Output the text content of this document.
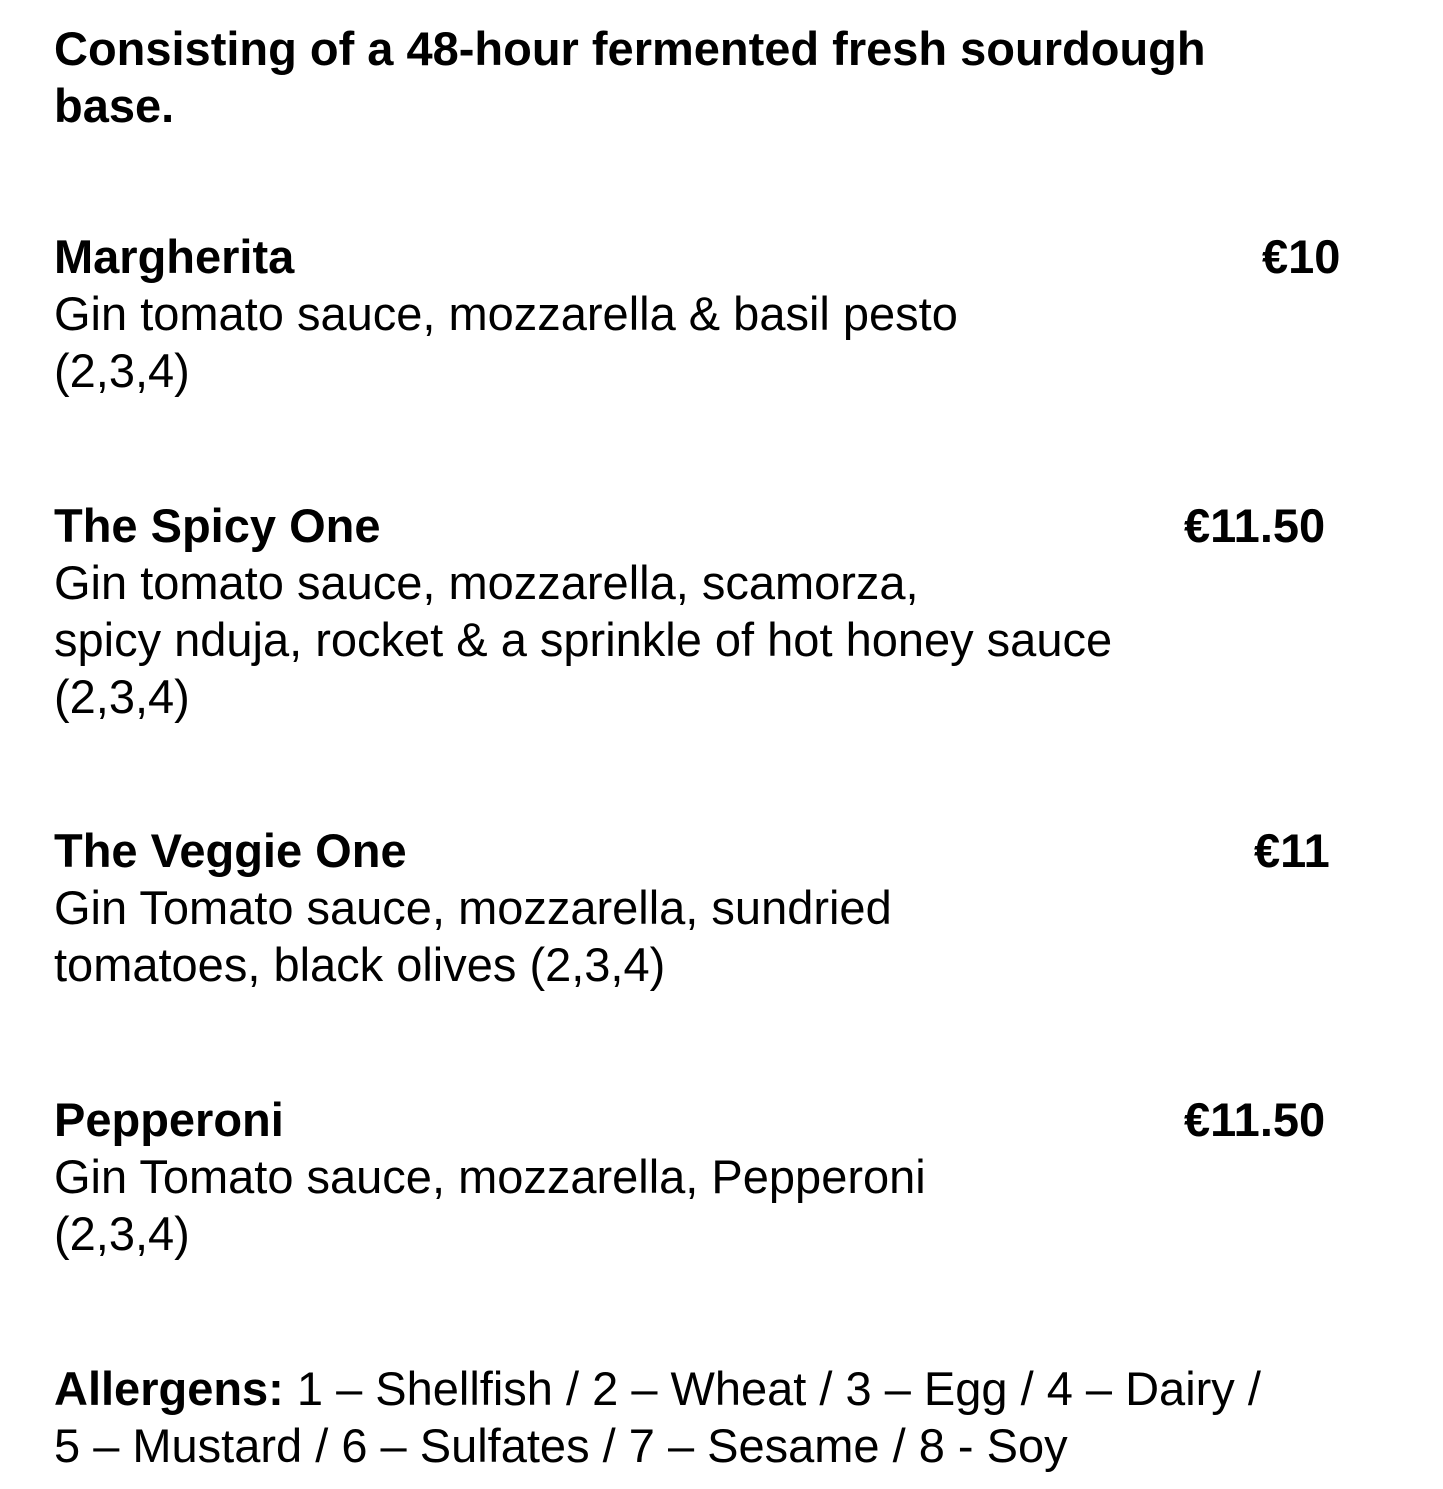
Consisting of a 48-hour fermented fresh sourdough
base.

Margherita	€10
Gin tomato sauce, mozzarella & basil pesto
(2,3,4)
The Spicy One	€11.50
Gin tomato sauce, mozzarella, scamorza,
spicy nduja, rocket & a sprinkle of hot honey sauce
(2,3,4)
The Veggie One	€11
Gin Tomato sauce, mozzarella, sundried
tomatoes, black olives (2,3,4)
Pepperoni	€11.50
Gin Tomato sauce, mozzarella, Pepperoni
(2,3,4)
Allergens: 1 – Shellfish / 2 – Wheat / 3 – Egg / 4 – Dairy /
5 – Mustard / 6 – Sulfates / 7 – Sesame / 8 - Soy
